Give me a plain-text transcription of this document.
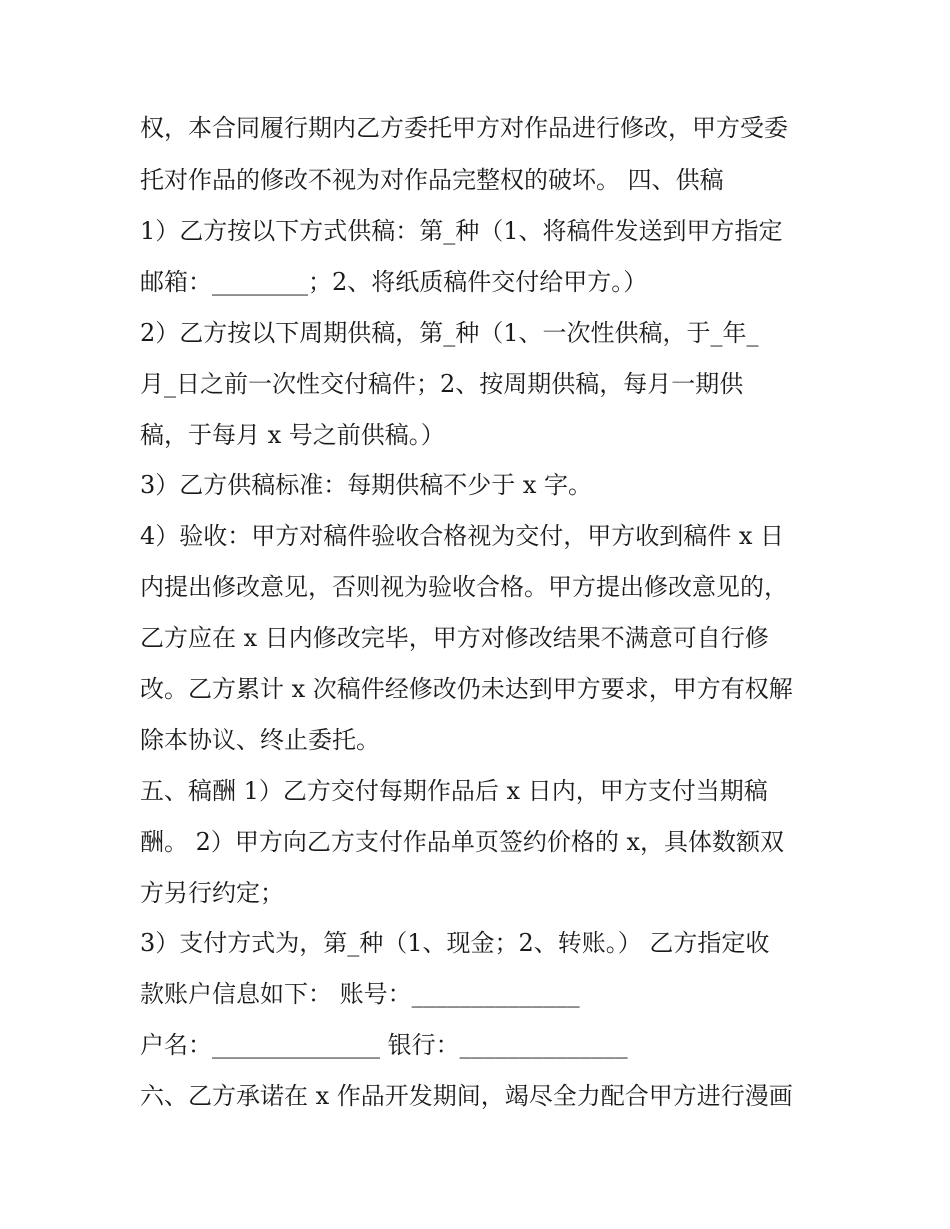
权，本合同履行期内乙方委托甲方对作品进行修改，甲方受委
托对作品的修改不视为对作品完整权的破坏。 四、供稿
1）乙方按以下方式供稿：第_种（1、将稿件发送到甲方指定
邮箱：________；2、将纸质稿件交付给甲方。）
2）乙方按以下周期供稿，第_种（1、一次性供稿，于_年_
月_日之前一次性交付稿件；2、按周期供稿，每月一期供
稿，于每月 x 号之前供稿。）
3）乙方供稿标准：每期供稿不少于 x 字。
4）验收：甲方对稿件验收合格视为交付，甲方收到稿件 x 日
内提出修改意见，否则视为验收合格。甲方提出修改意见的，
乙方应在 x 日内修改完毕，甲方对修改结果不满意可自行修
改。乙方累计 x 次稿件经修改仍未达到甲方要求，甲方有权解
除本协议、终止委托。
五、稿酬 1）乙方交付每期作品后 x 日内，甲方支付当期稿
酬。 2）甲方向乙方支付作品单页签约价格的 x，具体数额双
方另行约定；
3）支付方式为，第_种（1、现金；2、转账。） 乙方指定收
款账户信息如下： 账号：______________
户名：______________ 银行：______________
六、乙方承诺在 x 作品开发期间，竭尽全力配合甲方进行漫画
